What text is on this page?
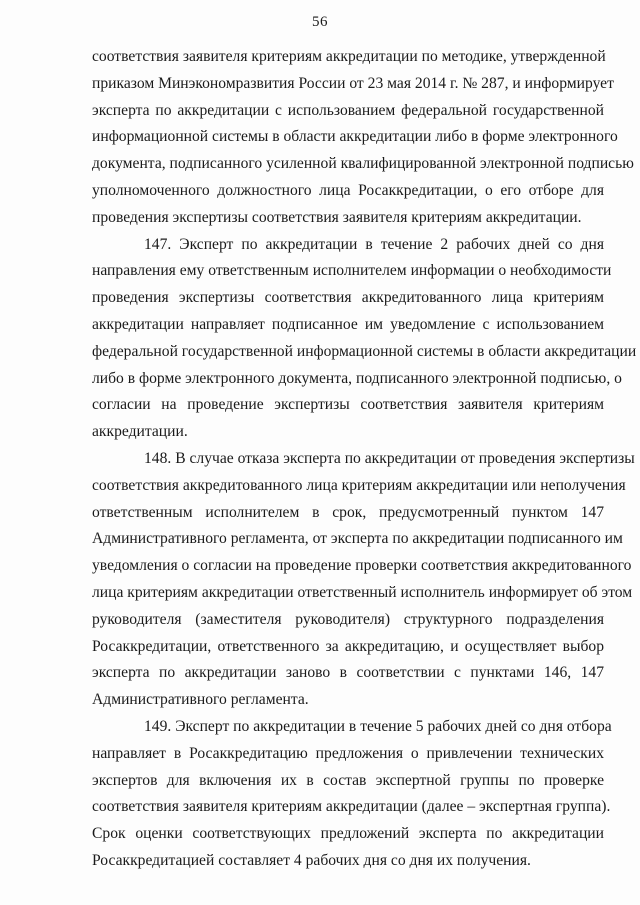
56
соответствия заявителя критериям аккредитации по методике, утвержденной
приказом Минэкономразвития России от 23 мая 2014 г. № 287, и информирует
эксперта по аккредитации с использованием федеральной государственной
информационной системы в области аккредитации либо в форме электронного
документа, подписанного усиленной квалифицированной электронной подписью
уполномоченного должностного лица Росаккредитации, о его отборе для
проведения экспертизы соответствия заявителя критериям аккредитации.
147. Эксперт по аккредитации в течение 2 рабочих дней со дня
направления ему ответственным исполнителем информации о необходимости
проведения экспертизы соответствия аккредитованного лица критериям
аккредитации направляет подписанное им уведомление с использованием
федеральной государственной информационной системы в области аккредитации
либо в форме электронного документа, подписанного электронной подписью, о
согласии на проведение экспертизы соответствия заявителя критериям
аккредитации.
148. В случае отказа эксперта по аккредитации от проведения экспертизы
соответствия аккредитованного лица критериям аккредитации или неполучения
ответственным исполнителем в срок, предусмотренный пунктом 147
Административного регламента, от эксперта по аккредитации подписанного им
уведомления о согласии на проведение проверки соответствия аккредитованного
лица критериям аккредитации ответственный исполнитель информирует об этом
руководителя (заместителя руководителя) структурного подразделения
Росаккредитации, ответственного за аккредитацию, и осуществляет выбор
эксперта по аккредитации заново в соответствии с пунктами 146, 147
Административного регламента.
149. Эксперт по аккредитации в течение 5 рабочих дней со дня отбора
направляет в Росаккредитацию предложения о привлечении технических
экспертов для включения их в состав экспертной группы по проверке
соответствия заявителя критериям аккредитации (далее – экспертная группа).
Срок оценки соответствующих предложений эксперта по аккредитации
Росаккредитацией составляет 4 рабочих дня со дня их получения.
